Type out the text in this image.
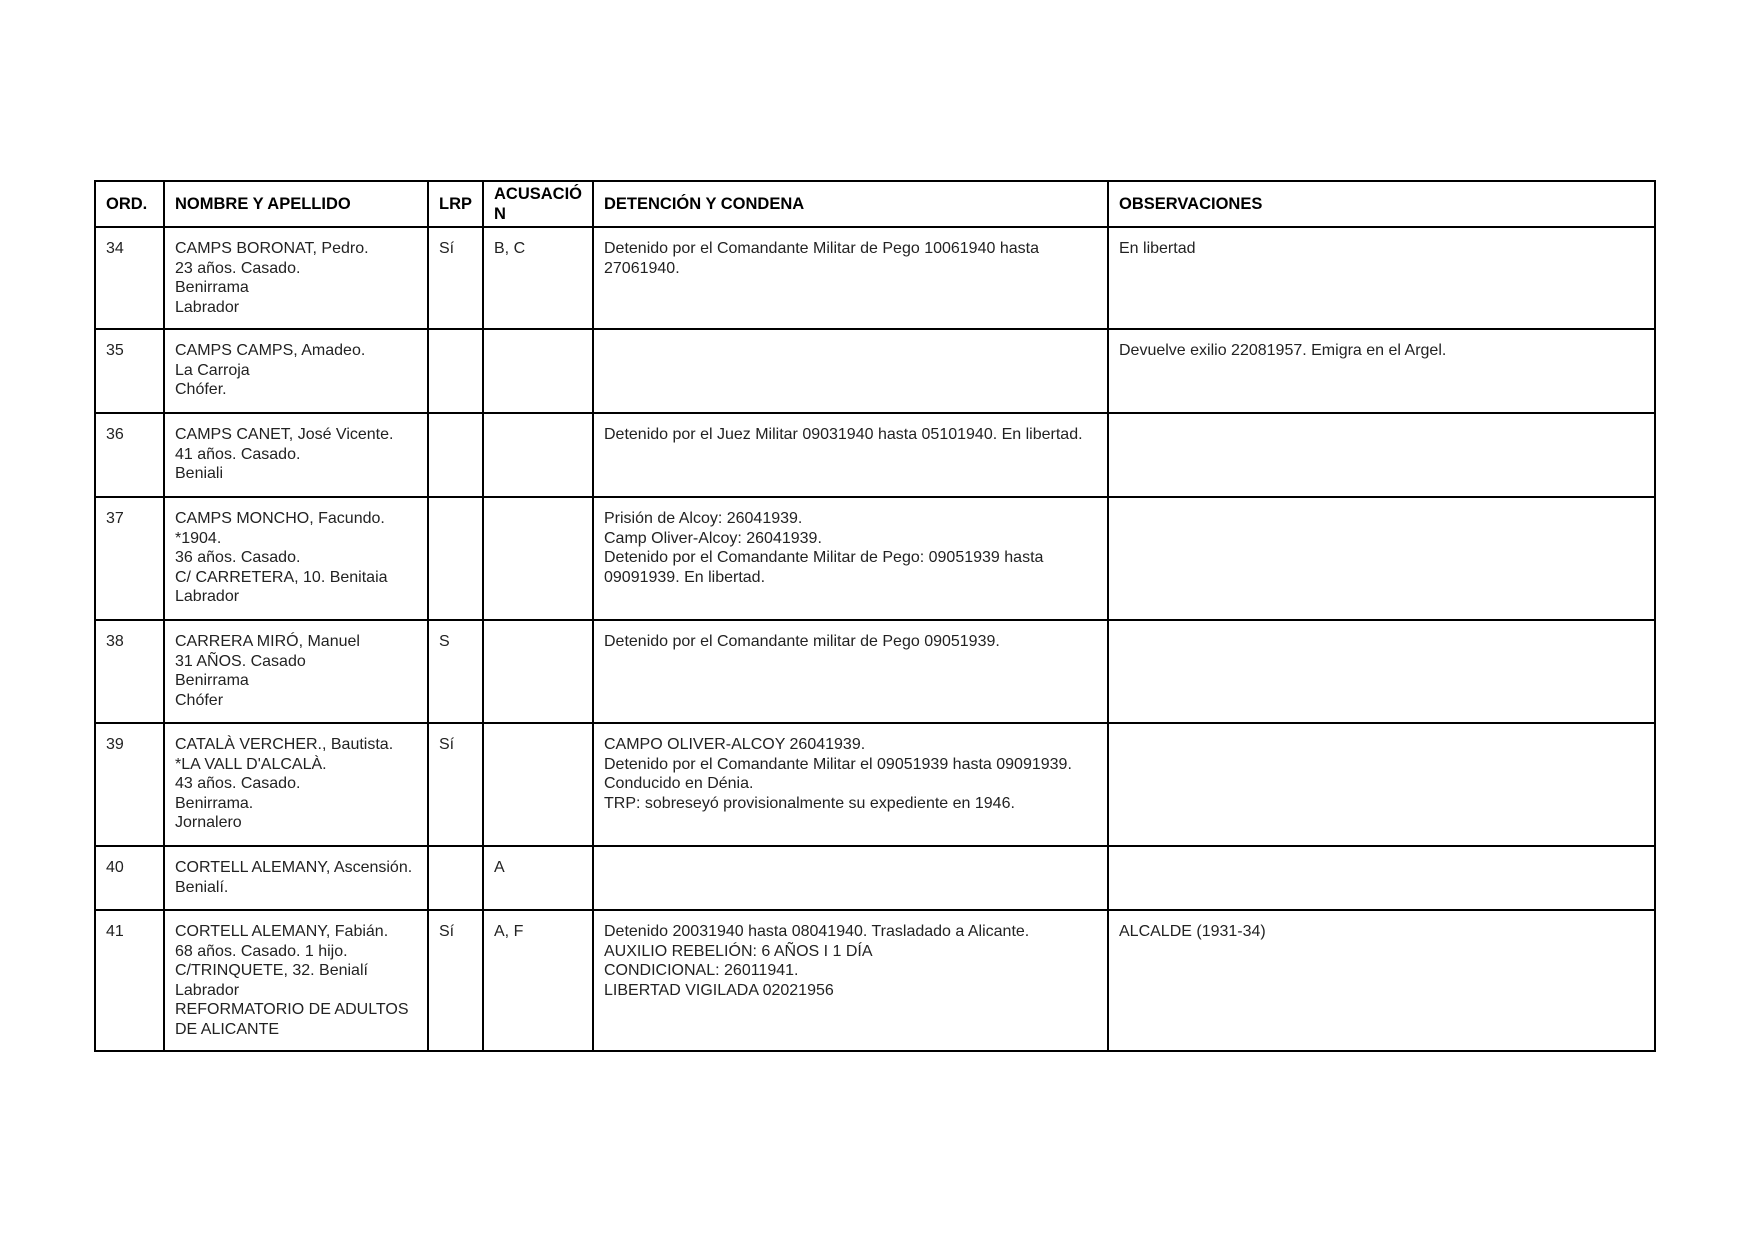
ORD.	NOMBRE Y APELLIDO	LRP	ACUSACIÓN	DETENCIÓN Y CONDENA	OBSERVACIONES
34	CAMPS BORONAT, Pedro.
23 años. Casado.
Benirrama
Labrador	Sí	B, C	Detenido por el Comandante Militar de Pego 10061940 hasta 27061940.	En libertad

35	CAMPS CAMPS, Amadeo.
La Carroja
Chófer.				Devuelve exilio 22081957. Emigra en el Argel.

36	CAMPS CANET, José Vicente.
41 años. Casado.
Beniali			Detenido por el Juez Militar 09031940 hasta 05101940. En libertad.	

37	CAMPS MONCHO, Facundo.
*1904.
36 años. Casado.
C/ CARRETERA, 10. Benitaia
Labrador			Prisión de Alcoy: 26041939.
Camp Oliver-Alcoy: 26041939.
Detenido por el Comandante Militar de Pego: 09051939 hasta 09091939. En libertad.	

38	CARRERA MIRÓ, Manuel
31 AÑOS. Casado
Benirrama
Chófer	S		Detenido por el Comandante militar de Pego 09051939.	

39	CATALÀ VERCHER., Bautista.
*LA VALL D'ALCALÀ.
43 años. Casado.
Benirrama.
Jornalero	Sí		CAMPO OLIVER-ALCOY 26041939.
Detenido por el Comandante Militar el 09051939 hasta 09091939.
Conducido en Dénia.
TRP: sobreseyó provisionalmente su expediente en 1946.	

40	CORTELL ALEMANY, Ascensión.
Benialí.		A		
41	CORTELL ALEMANY, Fabián.
68 años. Casado. 1 hijo.
C/TRINQUETE, 32. Benialí
Labrador
REFORMATORIO DE ADULTOS DE ALICANTE	Sí	A, F	Detenido 20031940 hasta 08041940. Trasladado a Alicante.
AUXILIO REBELIÓN: 6 AÑOS I 1 DÍA
CONDICIONAL: 26011941.
LIBERTAD VIGILADA 02021956	ALCALDE (1931-34)
